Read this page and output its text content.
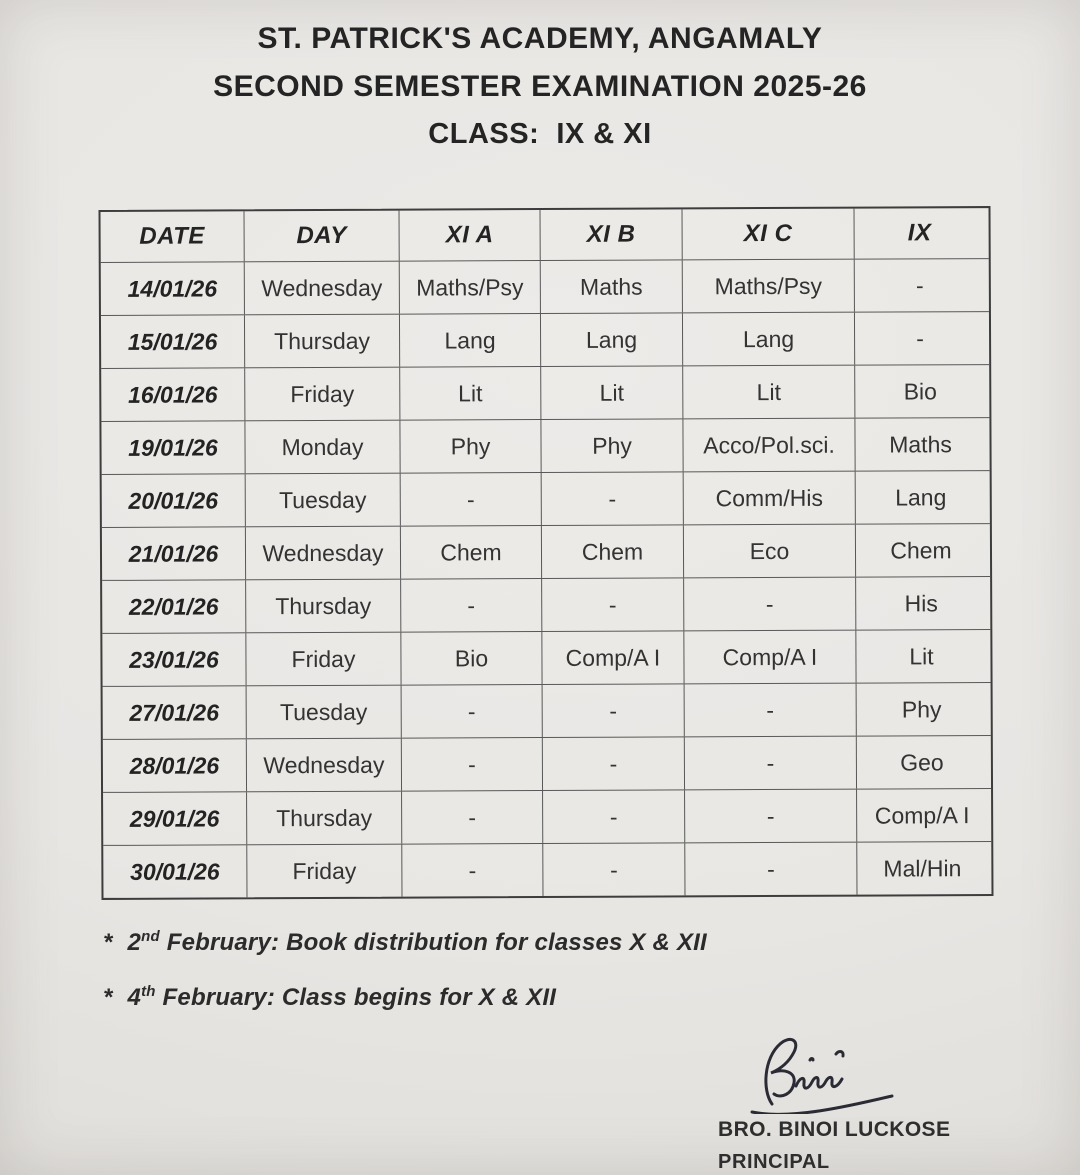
ST. PATRICK'S ACADEMY, ANGAMALY
SECOND SEMESTER EXAMINATION 2025-26
CLASS:  IX & XI
DATE	DAY	XI A	XI B	XI C	IX
14/01/26	Wednesday	Maths/Psy	Maths	Maths/Psy	-
15/01/26	Thursday	Lang	Lang	Lang	-
16/01/26	Friday	Lit	Lit	Lit	Bio
19/01/26	Monday	Phy	Phy	Acco/Pol.sci.	Maths
20/01/26	Tuesday	-	-	Comm/His	Lang
21/01/26	Wednesday	Chem	Chem	Eco	Chem
22/01/26	Thursday	-	-	-	His
23/01/26	Friday	Bio	Comp/A I	Comp/A I	Lit
27/01/26	Tuesday	-	-	-	Phy
28/01/26	Wednesday	-	-	-	Geo
29/01/26	Thursday	-	-	-	Comp/A I
30/01/26	Friday	-	-	-	Mal/Hin
* 2nd February: Book distribution for classes X & XII
* 4th February: Class begins for X & XII
BRO. BINOI LUCKOSE
PRINCIPAL
